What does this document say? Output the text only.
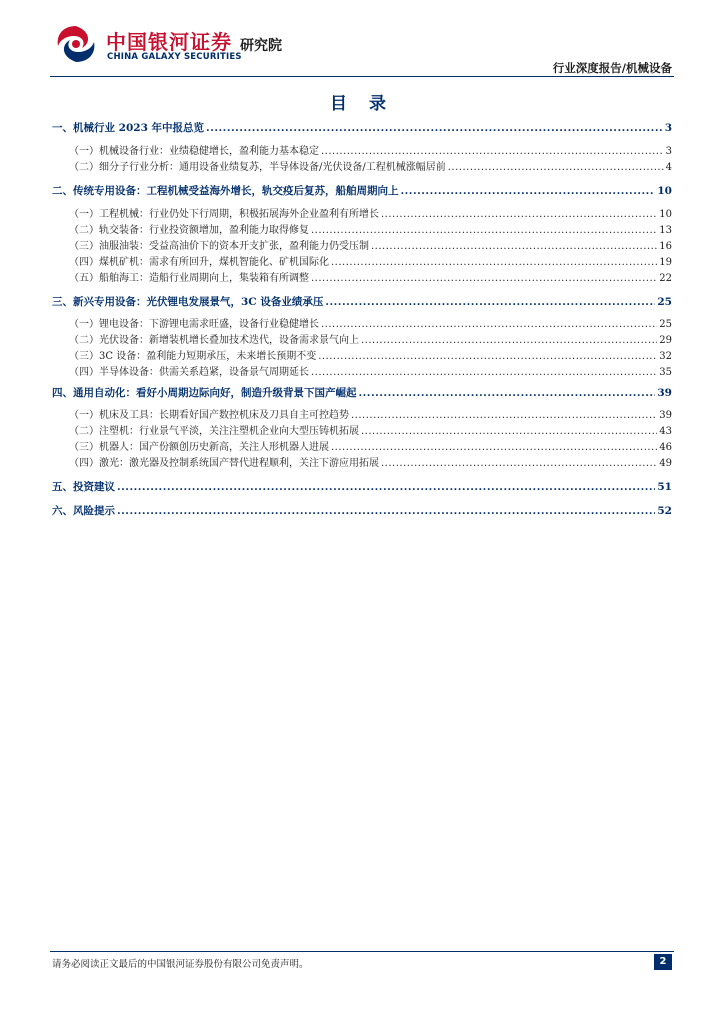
中国银河证券
CHINA GALAXY SECURITIES
研究院
行业深度报告/机械设备
目 录
一、机械行业 2023 年中报总览 .....	3
（一）机械设备行业：业绩稳健增长，盈利能力基本稳定 .....	3
（二）细分子行业分析：通用设备业绩复苏，半导体设备/光伏设备/工程机械涨幅居前 .....	4
二、传统专用设备：工程机械受益海外增长，轨交疫后复苏，船舶周期向上 .....	10
（一）工程机械：行业仍处下行周期，积极拓展海外企业盈利有所增长 .....	10
（二）轨交装备：行业投资额增加，盈利能力取得修复 .....	13
（三）油服油装：受益高油价下的资本开支扩张，盈利能力仍受压制 .....	16
（四）煤机矿机：需求有所回升，煤机智能化、矿机国际化 .....	19
（五）船舶海工：造船行业周期向上，集装箱有所调整 .....	22
三、新兴专用设备：光伏锂电发展景气，3C 设备业绩承压 .....	25
（一）锂电设备：下游锂电需求旺盛，设备行业稳健增长 .....	25
（二）光伏设备：新增装机增长叠加技术迭代，设备需求景气向上 .....	29
（三）3C 设备：盈利能力短期承压，未来增长预期不变 .....	32
（四）半导体设备：供需关系趋紧，设备景气周期延长 .....	35
四、通用自动化：看好小周期边际向好，制造升级背景下国产崛起 .....	39
（一）机床及工具：长期看好国产数控机床及刀具自主可控趋势 .....	39
（二）注塑机：行业景气平淡，关注注塑机企业向大型压铸机拓展 .....	43
（三）机器人：国产份额创历史新高，关注人形机器人进展 .....	46
（四）激光：激光器及控制系统国产替代进程顺利，关注下游应用拓展 .....	49
五、投资建议 .....	51
六、风险提示 .....	52
请务必阅读正文最后的中国银河证券股份有限公司免责声明。	2
